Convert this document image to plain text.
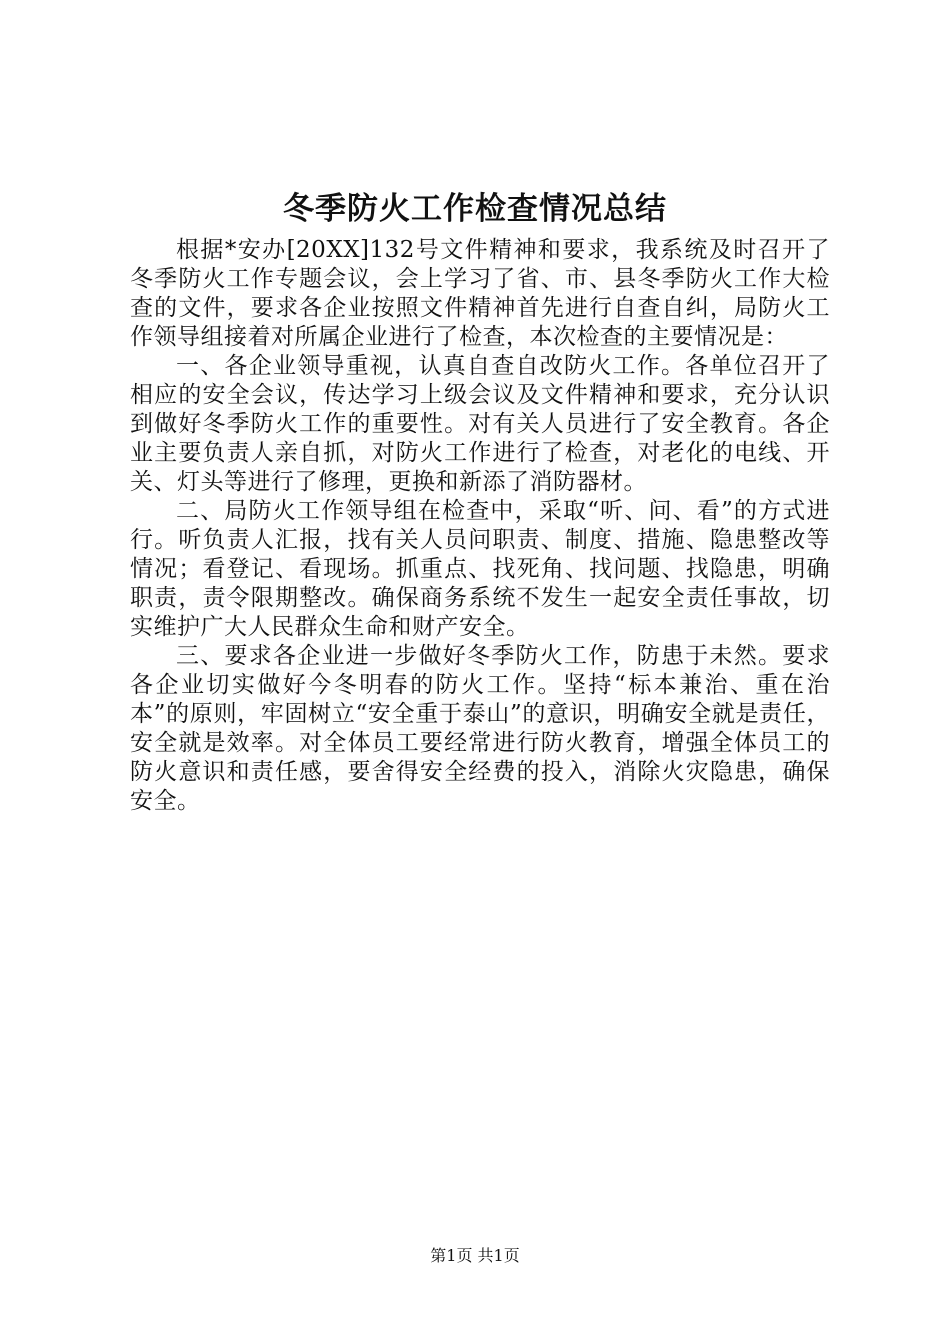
冬季防火工作检查情况总结

根据*安办[20XX]132号文件精神和要求，我系统及时召开了冬季防火工作专题会议，会上学习了省、市、县冬季防火工作大检查的文件，要求各企业按照文件精神首先进行自查自纠，局防火工作领导组接着对所属企业进行了检查，本次检查的主要情况是：

一、各企业领导重视，认真自查自改防火工作。各单位召开了相应的安全会议，传达学习上级会议及文件精神和要求，充分认识到做好冬季防火工作的重要性。对有关人员进行了安全教育。各企业主要负责人亲自抓，对防火工作进行了检查，对老化的电线、开关、灯头等进行了修理，更换和新添了消防器材。

二、局防火工作领导组在检查中，采取“听、问、看”的方式进行。听负责人汇报，找有关人员问职责、制度、措施、隐患整改等情况；看登记、看现场。抓重点、找死角、找问题、找隐患，明确职责，责令限期整改。确保商务系统不发生一起安全责任事故，切实维护广大人民群众生命和财产安全。

三、要求各企业进一步做好冬季防火工作，防患于未然。要求各企业切实做好今冬明春的防火工作。坚持“标本兼治、重在治本”的原则，牢固树立“安全重于泰山”的意识，明确安全就是责任，安全就是效率。对全体员工要经常进行防火教育，增强全体员工的防火意识和责任感，要舍得安全经费的投入，消除火灾隐患，确保安全。

第1页 共1页
